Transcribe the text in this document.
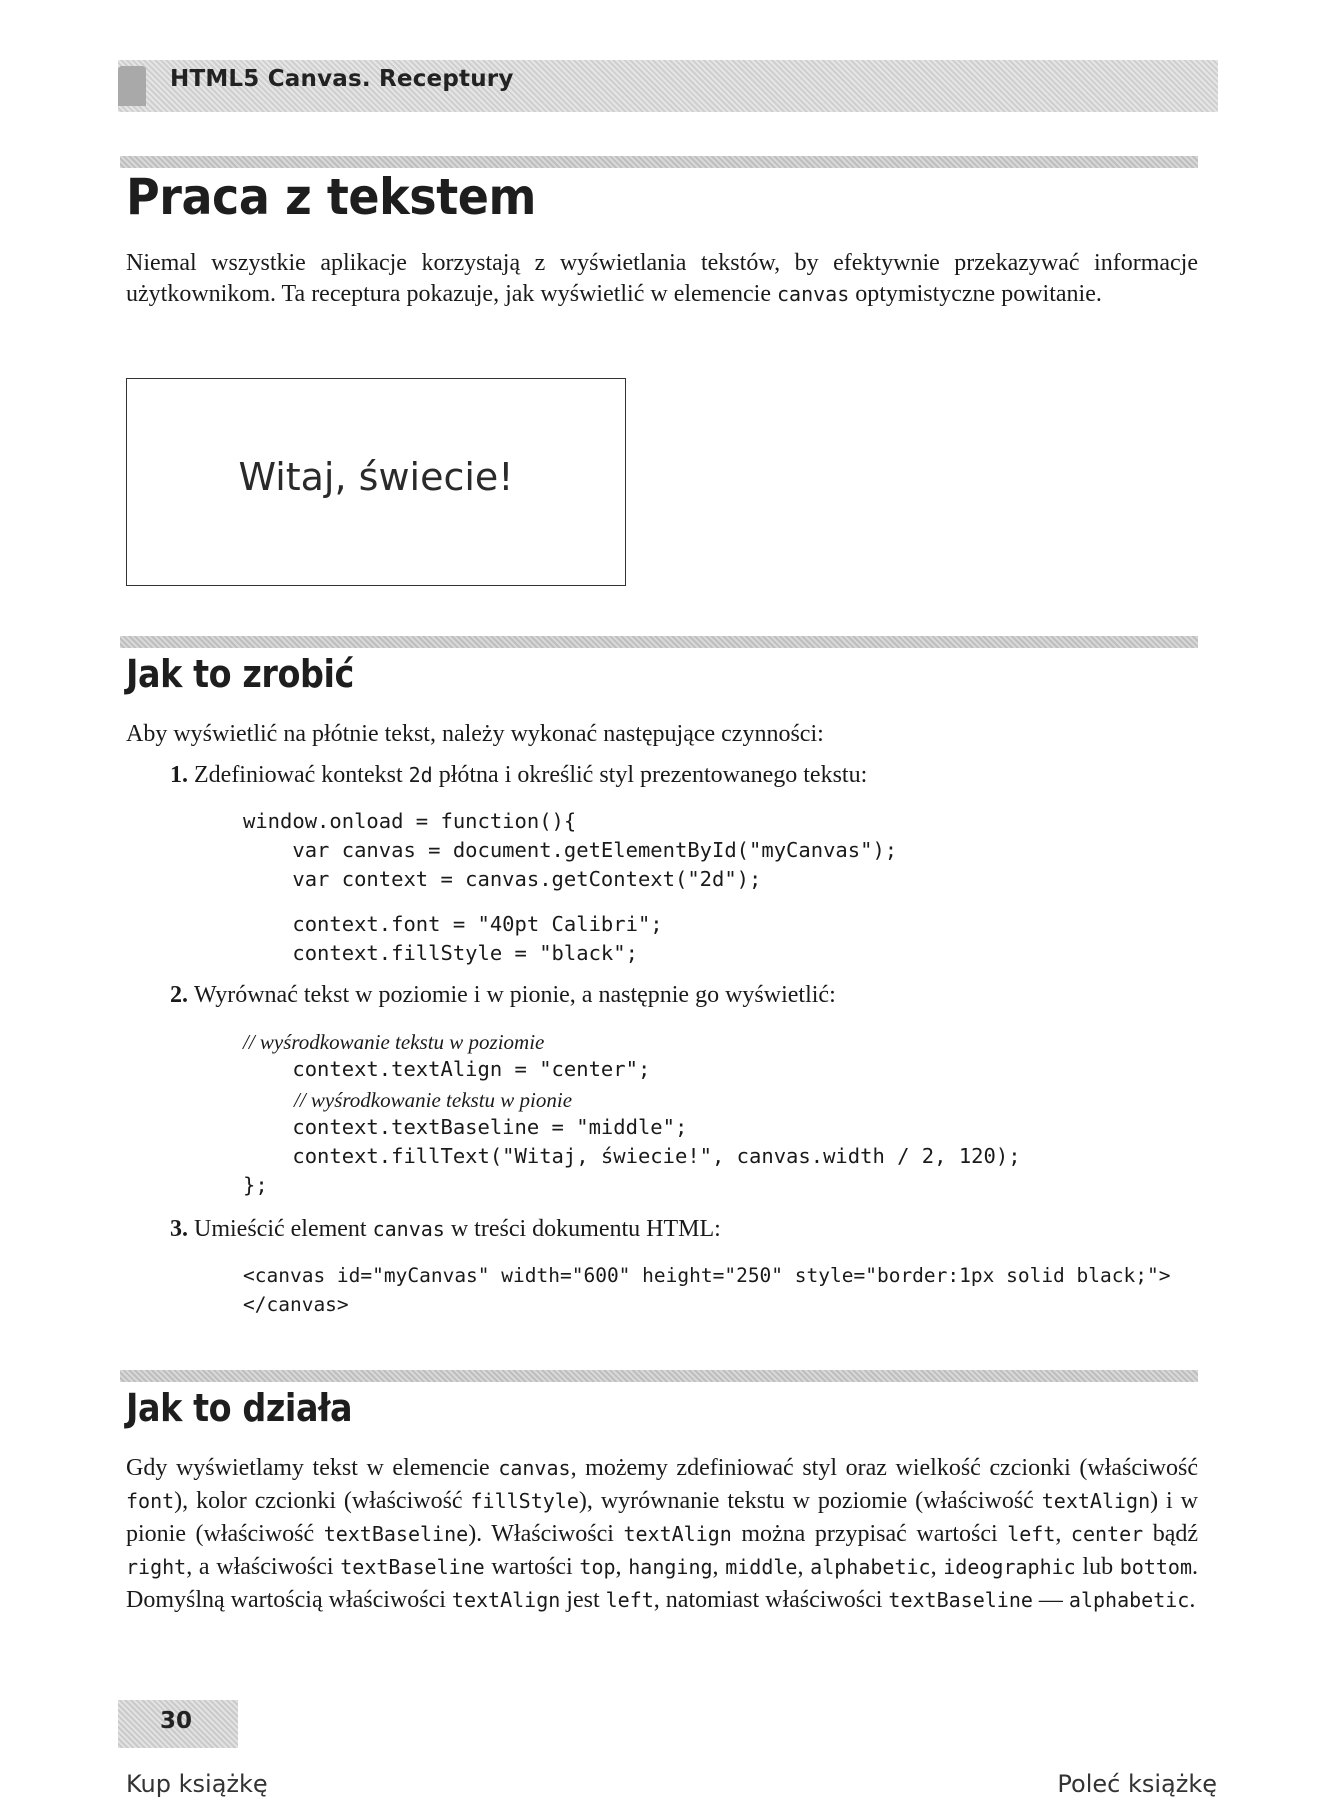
HTML5 Canvas. Receptury
Praca z tekstem

Niemal wszystkie aplikacje korzystają z wyświetlania tekstów, by efektywnie przekazywać informacje użytkownikom. Ta receptura pokazuje, jak wyświetlić w elemencie canvas optymistyczne powitanie.

Witaj, świecie!
Jak to zrobić

Aby wyświetlić na płótnie tekst, należy wykonać następujące czynności:

1. Zdefiniować kontekst 2d płótna i określić styl prezentowanego tekstu:

window.onload = function(){
var canvas = document.getElementById("myCanvas");
var context = canvas.getContext("2d");
context.font = "40pt Calibri";
context.fillStyle = "black";

2. Wyrównać tekst w poziomie i w pionie, a następnie go wyświetlić:

// wyśrodkowanie tekstu w poziomie
context.textAlign = "center";
// wyśrodkowanie tekstu w pionie
context.textBaseline = "middle";
context.fillText("Witaj, świecie!", canvas.width / 2, 120);
};

3. Umieścić element canvas w treści dokumentu HTML:

<canvas id="myCanvas" width="600" height="250" style="border:1px solid black;">
</canvas>
Jak to działa

Gdy wyświetlamy tekst w elemencie canvas, możemy zdefiniować styl oraz wielkość czcionki (właściwość font), kolor czcionki (właściwość fillStyle), wyrównanie tekstu w poziomie (właściwość textAlign) i w pionie (właściwość textBaseline). Właściwości textAlign można przypisać wartości left, center bądź right, a właściwości textBaseline wartości top, hanging, middle, alphabetic, ideographic lub bottom. Domyślną wartością właściwości textAlign jest left, natomiast właściwości textBaseline — alphabetic.

30
Kup książkę	Poleć książkę
